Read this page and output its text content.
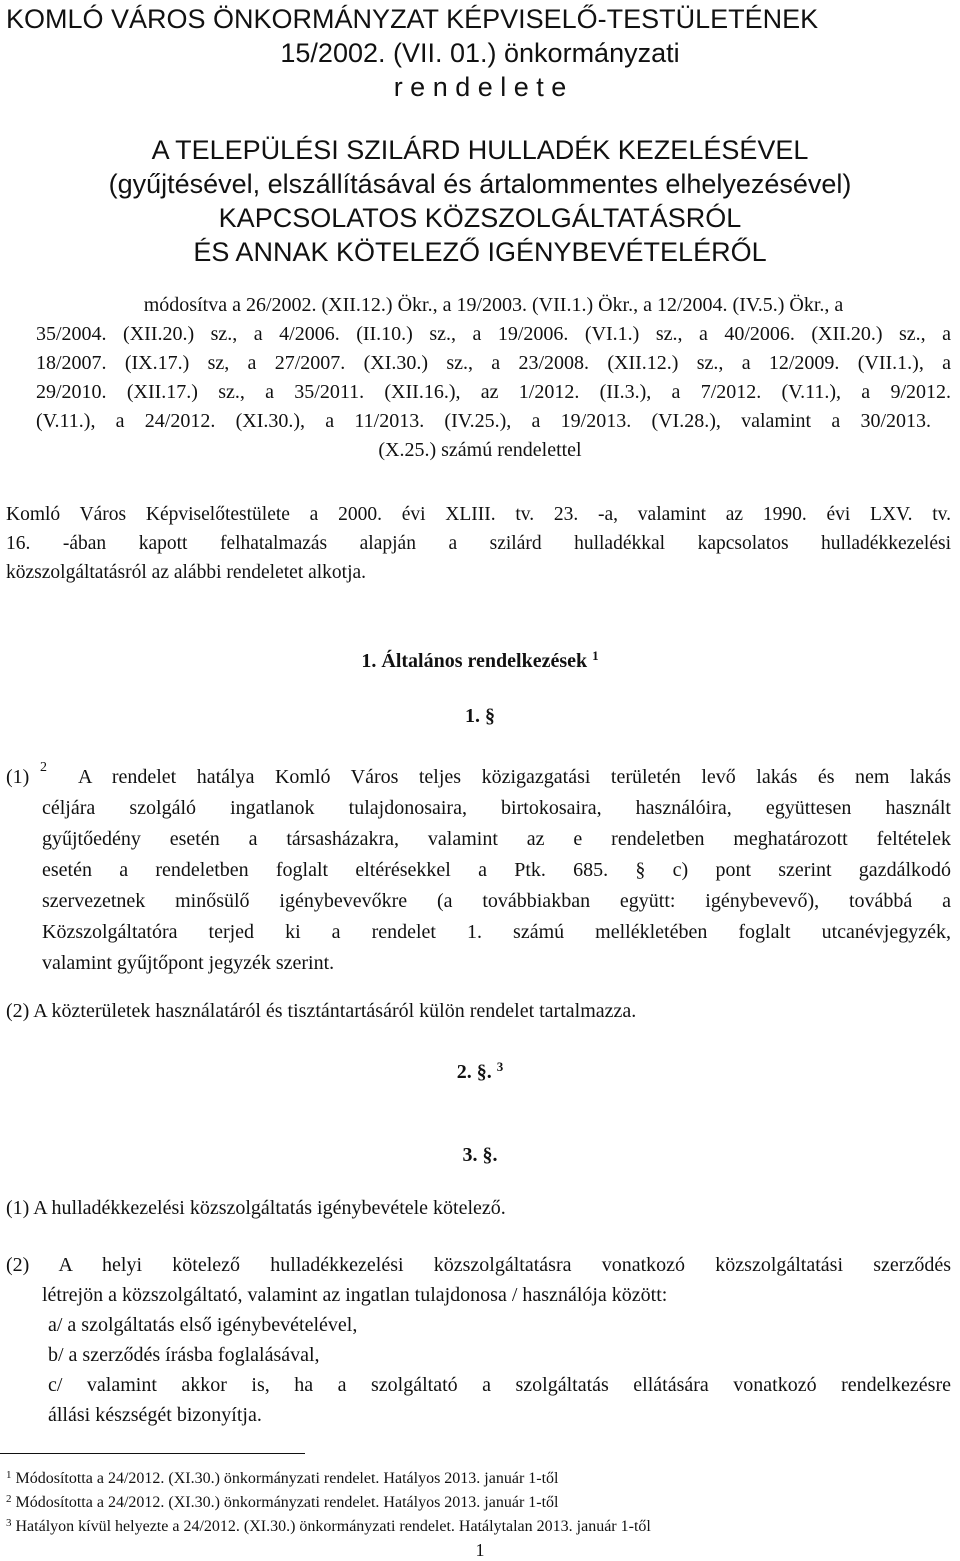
KOMLÓ VÁROS ÖNKORMÁNYZAT KÉPVISELŐ-TESTÜLETÉNEK
15/2002. (VII. 01.) önkormányzati
r e n d e l e t e
A TELEPÜLÉSI SZILÁRD HULLADÉK KEZELÉSÉVEL
(gyűjtésével, elszállításával és ártalommentes elhelyezésével)
KAPCSOLATOS KÖZSZOLGÁLTATÁSRÓL
ÉS ANNAK KÖTELEZŐ IGÉNYBEVÉTELÉRŐL
módosítva a 26/2002. (XII.12.) Ökr., a 19/2003. (VII.1.) Ökr., a 12/2004. (IV.5.) Ökr., a
35/2004. (XII.20.) sz., a 4/2006. (II.10.) sz., a 19/2006. (VI.1.) sz., a 40/2006. (XII.20.) sz., a
18/2007. (IX.17.) sz, a 27/2007. (XI.30.) sz., a 23/2008. (XII.12.) sz., a 12/2009. (VII.1.), a
29/2010. (XII.17.) sz., a 35/2011. (XII.16.), az 1/2012. (II.3.), a 7/2012. (V.11.), a 9/2012.
(V.11.), a 24/2012. (XI.30.), a 11/2013. (IV.25.), a 19/2013. (VI.28.), valamint a 30/2013.
(X.25.) számú rendelettel
Komló Város Képviselőtestülete a 2000. évi XLIII. tv. 23. -a, valamint az 1990. évi LXV. tv.
16. -ában kapott felhatalmazás alapján a szilárd hulladékkal kapcsolatos hulladékkezelési
közszolgáltatásról az alábbi rendeletet alkotja.
1. Általános rendelkezések $^1$
1. §
(1) 2 A rendelet hatálya Komló Város teljes közigazgatási területén levő lakás és nem lakás
céljára szolgáló ingatlanok tulajdonosaira, birtokosaira, használóira, együttesen használt
gyűjtőedény esetén a társasházakra, valamint az e rendeletben meghatározott feltételek
esetén a rendeletben foglalt eltérésekkel a Ptk. 685. § c) pont szerint gazdálkodó
szervezetnek minősülő igénybevevőkre (a továbbiakban együtt: igénybevevő), továbbá a
Közszolgáltatóra terjed ki a rendelet 1. számú mellékletében foglalt utcanévjegyzék,
valamint gyűjtőpont jegyzék szerint.
(2) A közterületek használatáról és tisztántartásáról külön rendelet tartalmazza.
2. §. $^3$
3. §.
(1) A hulladékkezelési közszolgáltatás igénybevétele kötelező.
(2) A helyi kötelező hulladékkezelési közszolgáltatásra vonatkozó közszolgáltatási szerződés
létrejön a közszolgáltató, valamint az ingatlan tulajdonosa / használója között:
a/ a szolgáltatás első igénybevételével,
b/ a szerződés írásba foglalásával,
c/ valamint akkor is, ha a szolgáltató a szolgáltatás ellátására vonatkozó rendelkezésre
állási készségét bizonyítja.
$^1$ Módosította a 24/2012. (XI.30.) önkormányzati rendelet. Hatályos 2013. január 1-től
$^2$ Módosította a 24/2012. (XI.30.) önkormányzati rendelet. Hatályos 2013. január 1-től
$^3$ Hatályon kívül helyezte a 24/2012. (XI.30.) önkormányzati rendelet. Hatálytalan 2013. január 1-től
1
